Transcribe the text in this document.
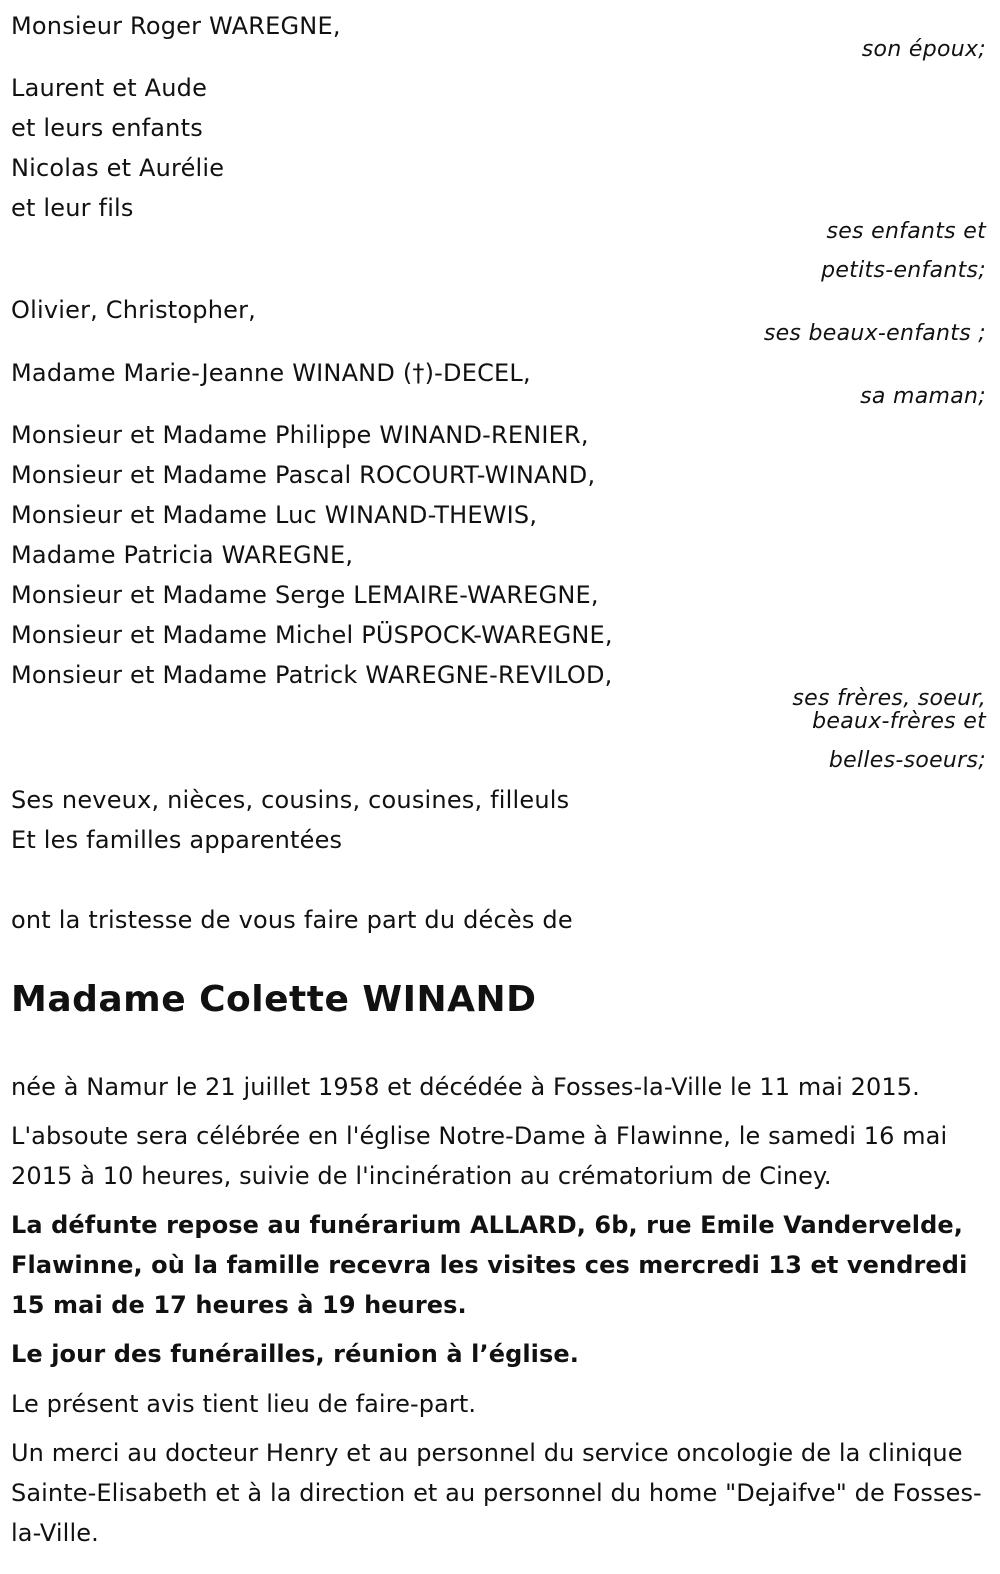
Monsieur Roger WAREGNE,
son époux;
Laurent et Aude
et leurs enfants
Nicolas et Aurélie
et leur fils
ses enfants et
petits-enfants;
Olivier, Christopher,
ses beaux-enfants ;
Madame Marie-Jeanne WINAND (†)-DECEL,
sa maman;
Monsieur et Madame Philippe WINAND-RENIER,
Monsieur et Madame Pascal ROCOURT-WINAND,
Monsieur et Madame Luc WINAND-THEWIS,
Madame Patricia WAREGNE,
Monsieur et Madame Serge LEMAIRE-WAREGNE,
Monsieur et Madame Michel PÜSPOCK-WAREGNE,
Monsieur et Madame Patrick WAREGNE-REVILOD,
ses frères, soeur,
beaux-frères et
belles-soeurs;
Ses neveux, nièces, cousins, cousines, filleuls
Et les familles apparentées
ont la tristesse de vous faire part du décès de
Madame Colette WINAND
née à Namur le 21 juillet 1958 et décédée à Fosses-la-Ville le 11 mai 2015.
L'absoute sera célébrée en l'église Notre-Dame à Flawinne, le samedi 16 mai 2015 à 10 heures, suivie de l'incinération au crématorium de Ciney.
La défunte repose au funérarium ALLARD, 6b, rue Emile Vandervelde, Flawinne, où la famille recevra les visites ces mercredi 13 et vendredi 15 mai de 17 heures à 19 heures.
Le jour des funérailles, réunion à l’église.
Le présent avis tient lieu de faire-part.
Un merci au docteur Henry et au personnel du service oncologie de la clinique Sainte-Elisabeth et à la direction et au personnel du home "Dejaifve" de Fosses-la-Ville.
